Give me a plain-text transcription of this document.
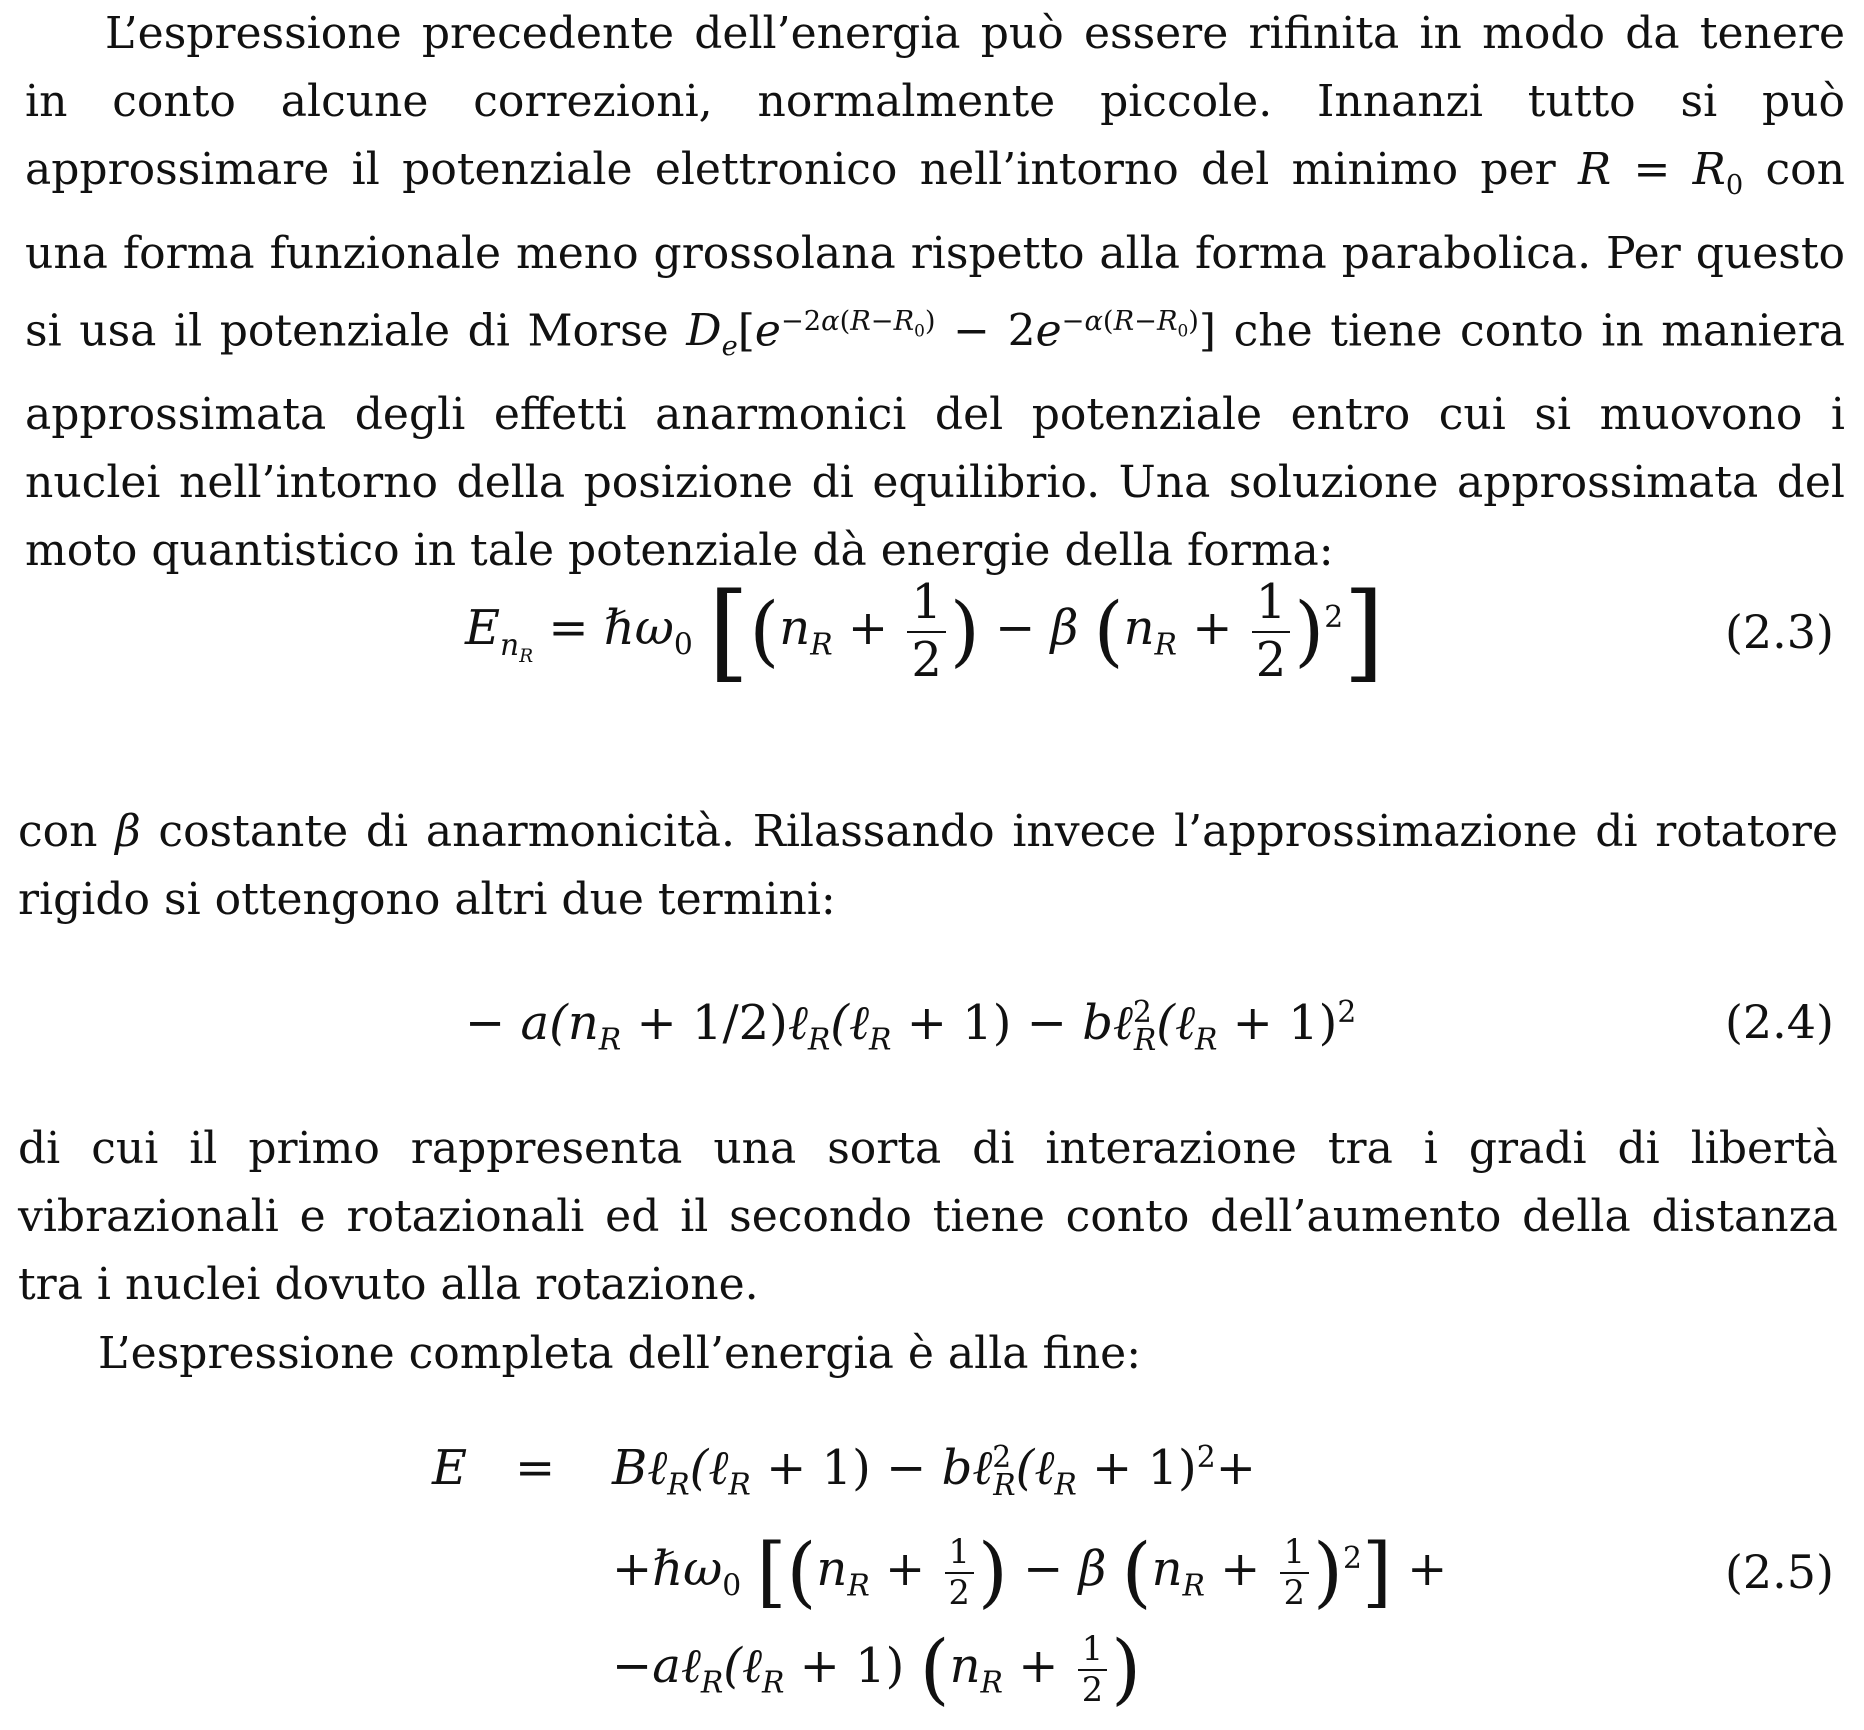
L’espressione precedente dell’energia può essere rifinita in modo da tenere in conto alcune correzioni, normalmente piccole. Innanzi tutto si può approssimare il potenziale elettronico nell’intorno del minimo per $R = R_0$ con una forma funzionale meno grossolana rispetto alla forma parabolica. Per questo si usa il potenziale di Morse $D_e[e^{-2\alpha(R-R_0)} - 2e^{-\alpha(R-R_0)}]$ che tiene conto in maniera approssimata degli effetti anarmonici del potenziale entro cui si muovono i nuclei nell’intorno della posizione di equilibrio. Una soluzione approssimata del moto quantistico in tale potenziale dà energie della forma:

$E_{n_R}$ = ℏω$_0$ [($n_R + \frac{1}{2}$ ) − β $(n_R + \frac{1}{2} )^2$]	(2.3)

con β costante di anarmonicità. Rilassando invece l’approssimazione di rotatore rigido si ottengono altri due termini:

− $a(n_R$ + 1/2)ℓ$_R$(ℓ$_R$ + 1) − bℓ$^2_R$(ℓ$_R$ + 1)$^2$	(2.4)

di cui il primo rappresenta una sorta di interazione tra i gradi di libertà vibrazionali e rotazionali ed il secondo tiene conto dell’aumento della distanza tra i nuclei dovuto alla rotazione.

L’espressione completa dell’energia è alla fine:

E = Bℓ$_R$(ℓ$_R$ + 1) − bℓ$^2_R$(ℓ$_R$ + 1)$^2$+
+ℏω$_0$ [($n_R + \frac{1}{2}$ ) − β $(n_R + \frac{1}{2} )^2$] +
−aℓ$_R$(ℓ$_R$ + 1) ($n_R + \frac{1}{2}$ )
(2.5)
